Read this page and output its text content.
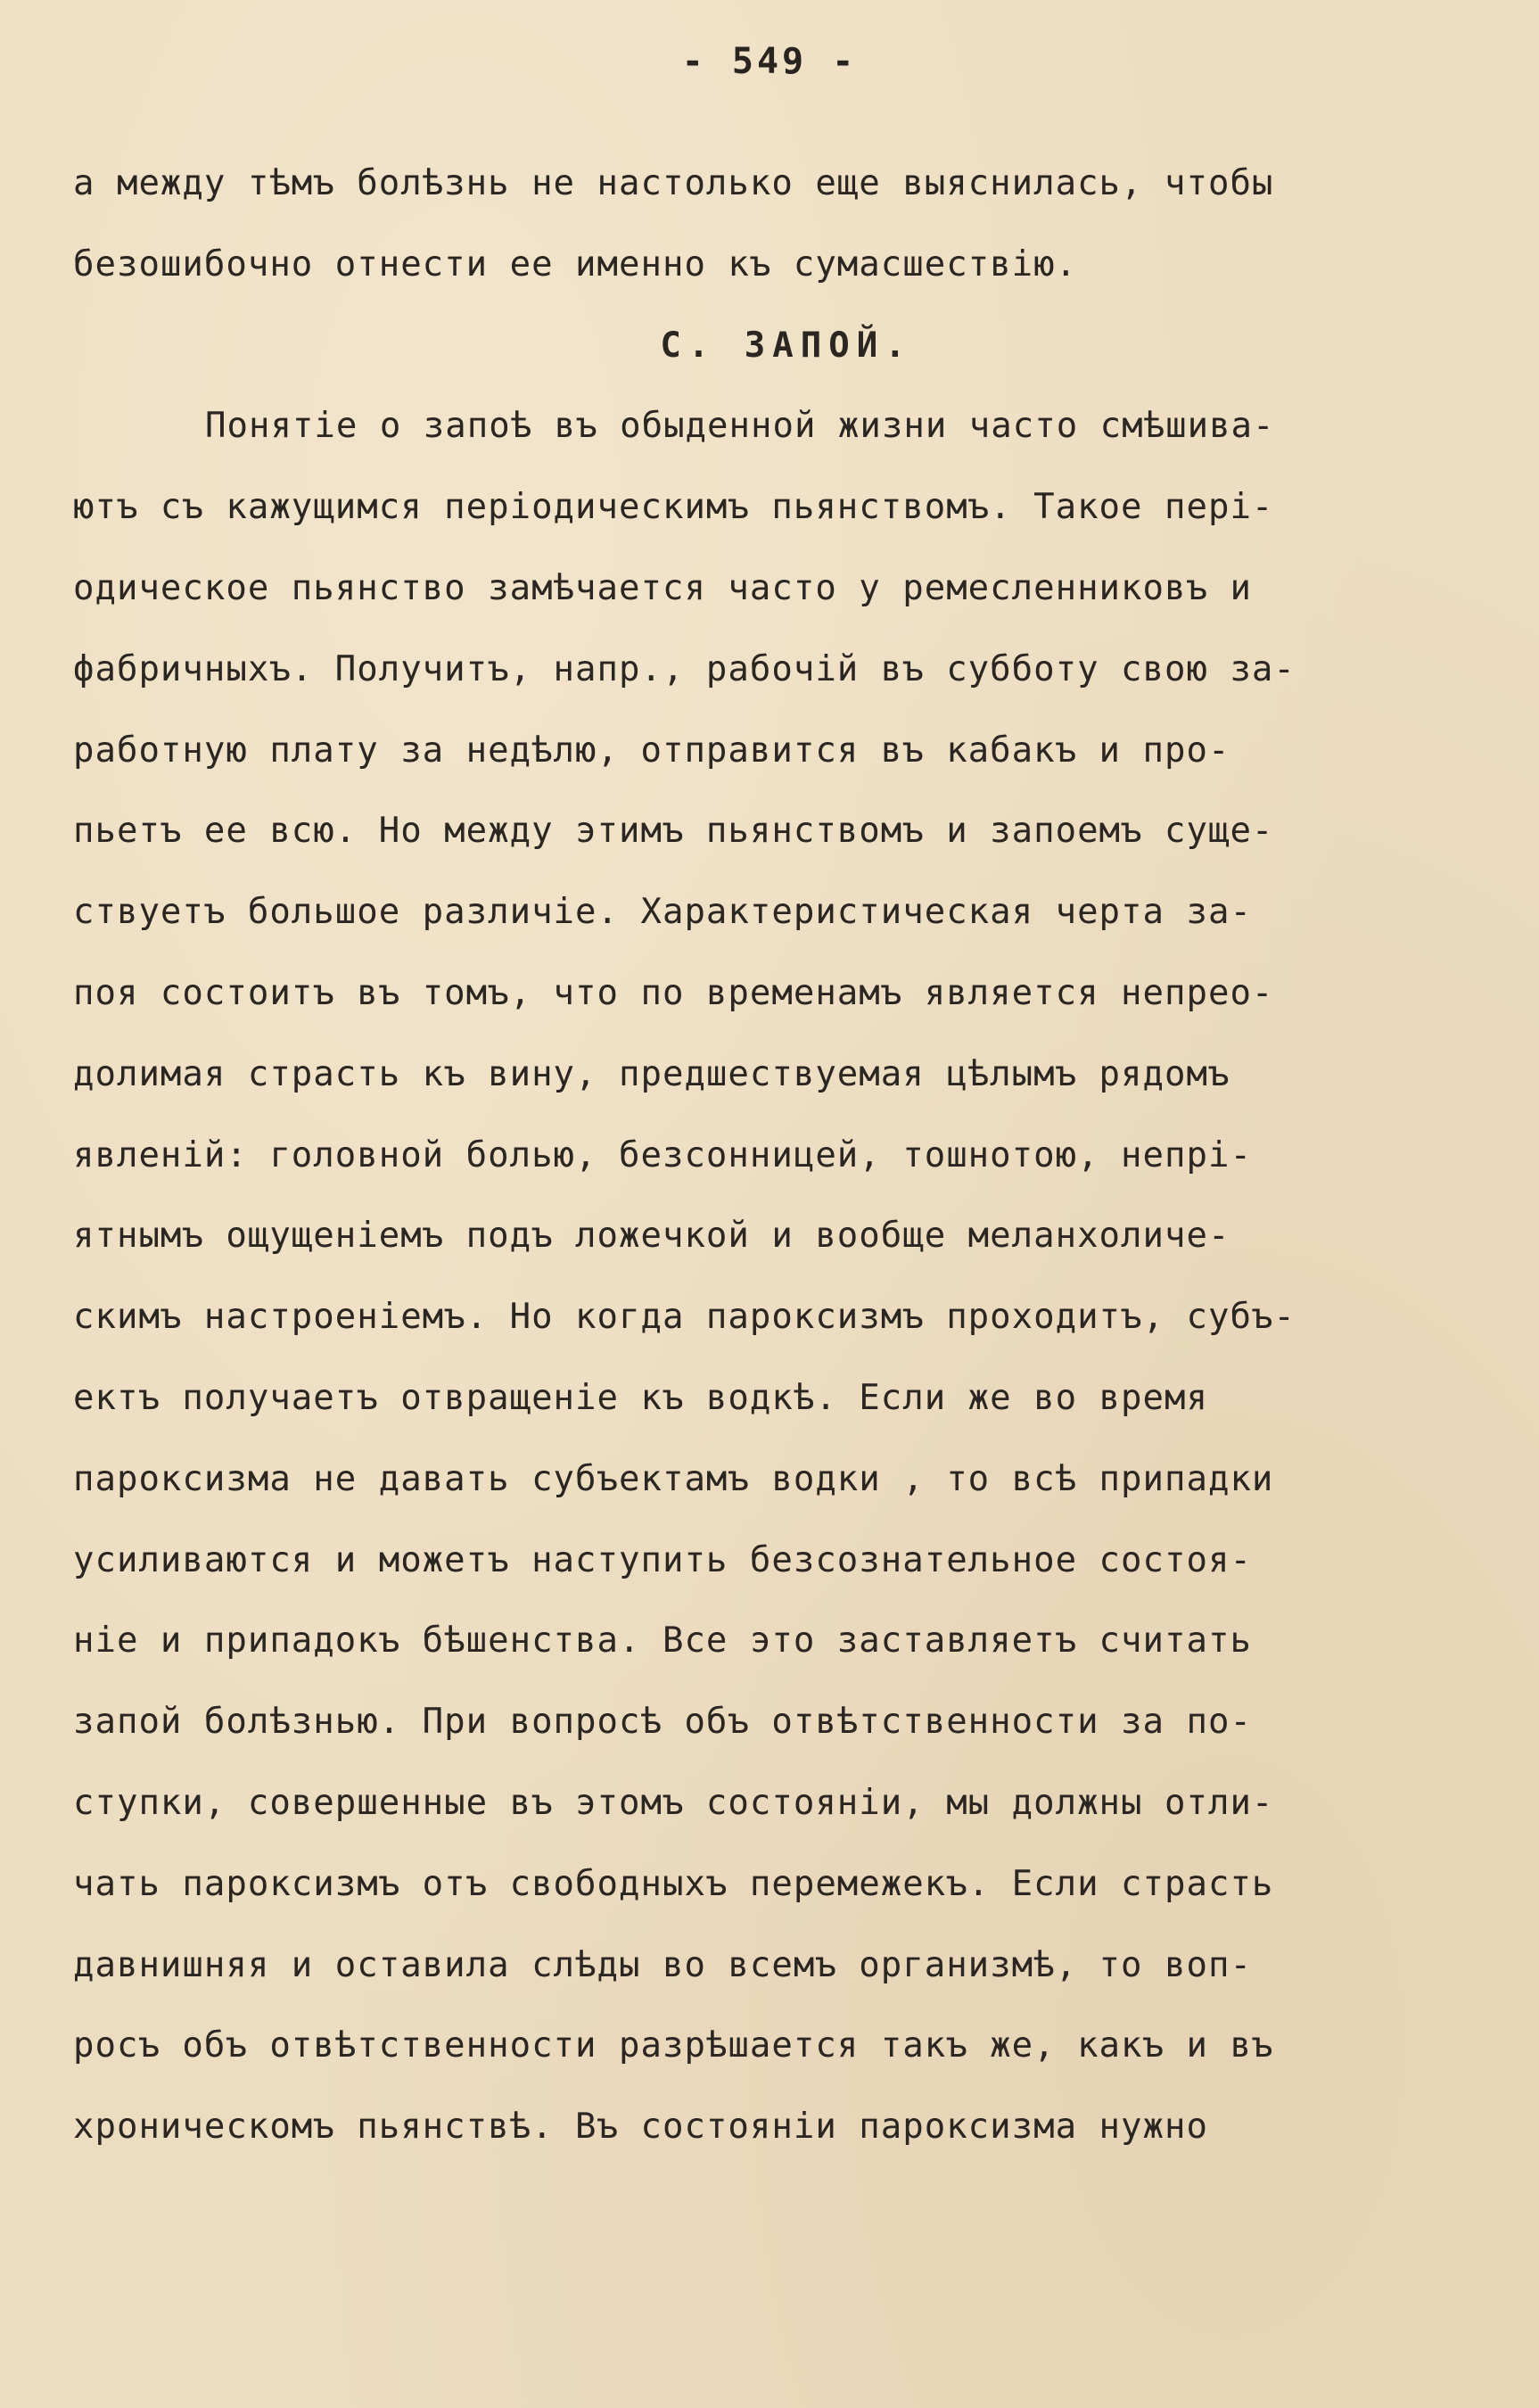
- 549 -
а между тѣмъ болѣзнь не настолько еще выяснилась, чтобы
безошибочно отнести ее именно къ сумасшествію.
С. ЗАПОЙ.
Понятіе о запоѣ въ обыденной жизни часто смѣшива-
ютъ съ кажущимся періодическимъ пьянствомъ. Такое пері-
одическое пьянство замѣчается часто у ремесленниковъ и
фабричныхъ. Получитъ, напр., рабочій въ субботу свою за-
работную плату за недѣлю, отправится въ кабакъ и про-
пьетъ ее всю. Но между этимъ пьянствомъ и запоемъ суще-
ствуетъ большое различіе. Характеристическая черта за-
поя состоитъ въ томъ, что по временамъ является непрео-
долимая страсть къ вину, предшествуемая цѣлымъ рядомъ
явленій: головной болью, безсонницей, тошнотою, непрі-
ятнымъ ощущеніемъ подъ ложечкой и вообще меланхоличе-
скимъ настроеніемъ. Но когда пароксизмъ проходитъ, субъ-
ектъ получаетъ отвращеніе къ водкѣ. Если же во время
пароксизма не давать субъектамъ водки , то всѣ припадки
усиливаются и можетъ наступить безсознательное состоя-
ніе и припадокъ бѣшенства. Все это заставляетъ считать
запой болѣзнью. При вопросѣ объ отвѣтственности за по-
ступки, совершенные въ этомъ состояніи, мы должны отли-
чать пароксизмъ отъ свободныхъ перемежекъ. Если страсть
давнишняя и оставила слѣды во всемъ организмѣ, то воп-
росъ объ отвѣтственности разрѣшается такъ же, какъ и въ
хроническомъ пьянствѣ. Въ состояніи пароксизма нужно
